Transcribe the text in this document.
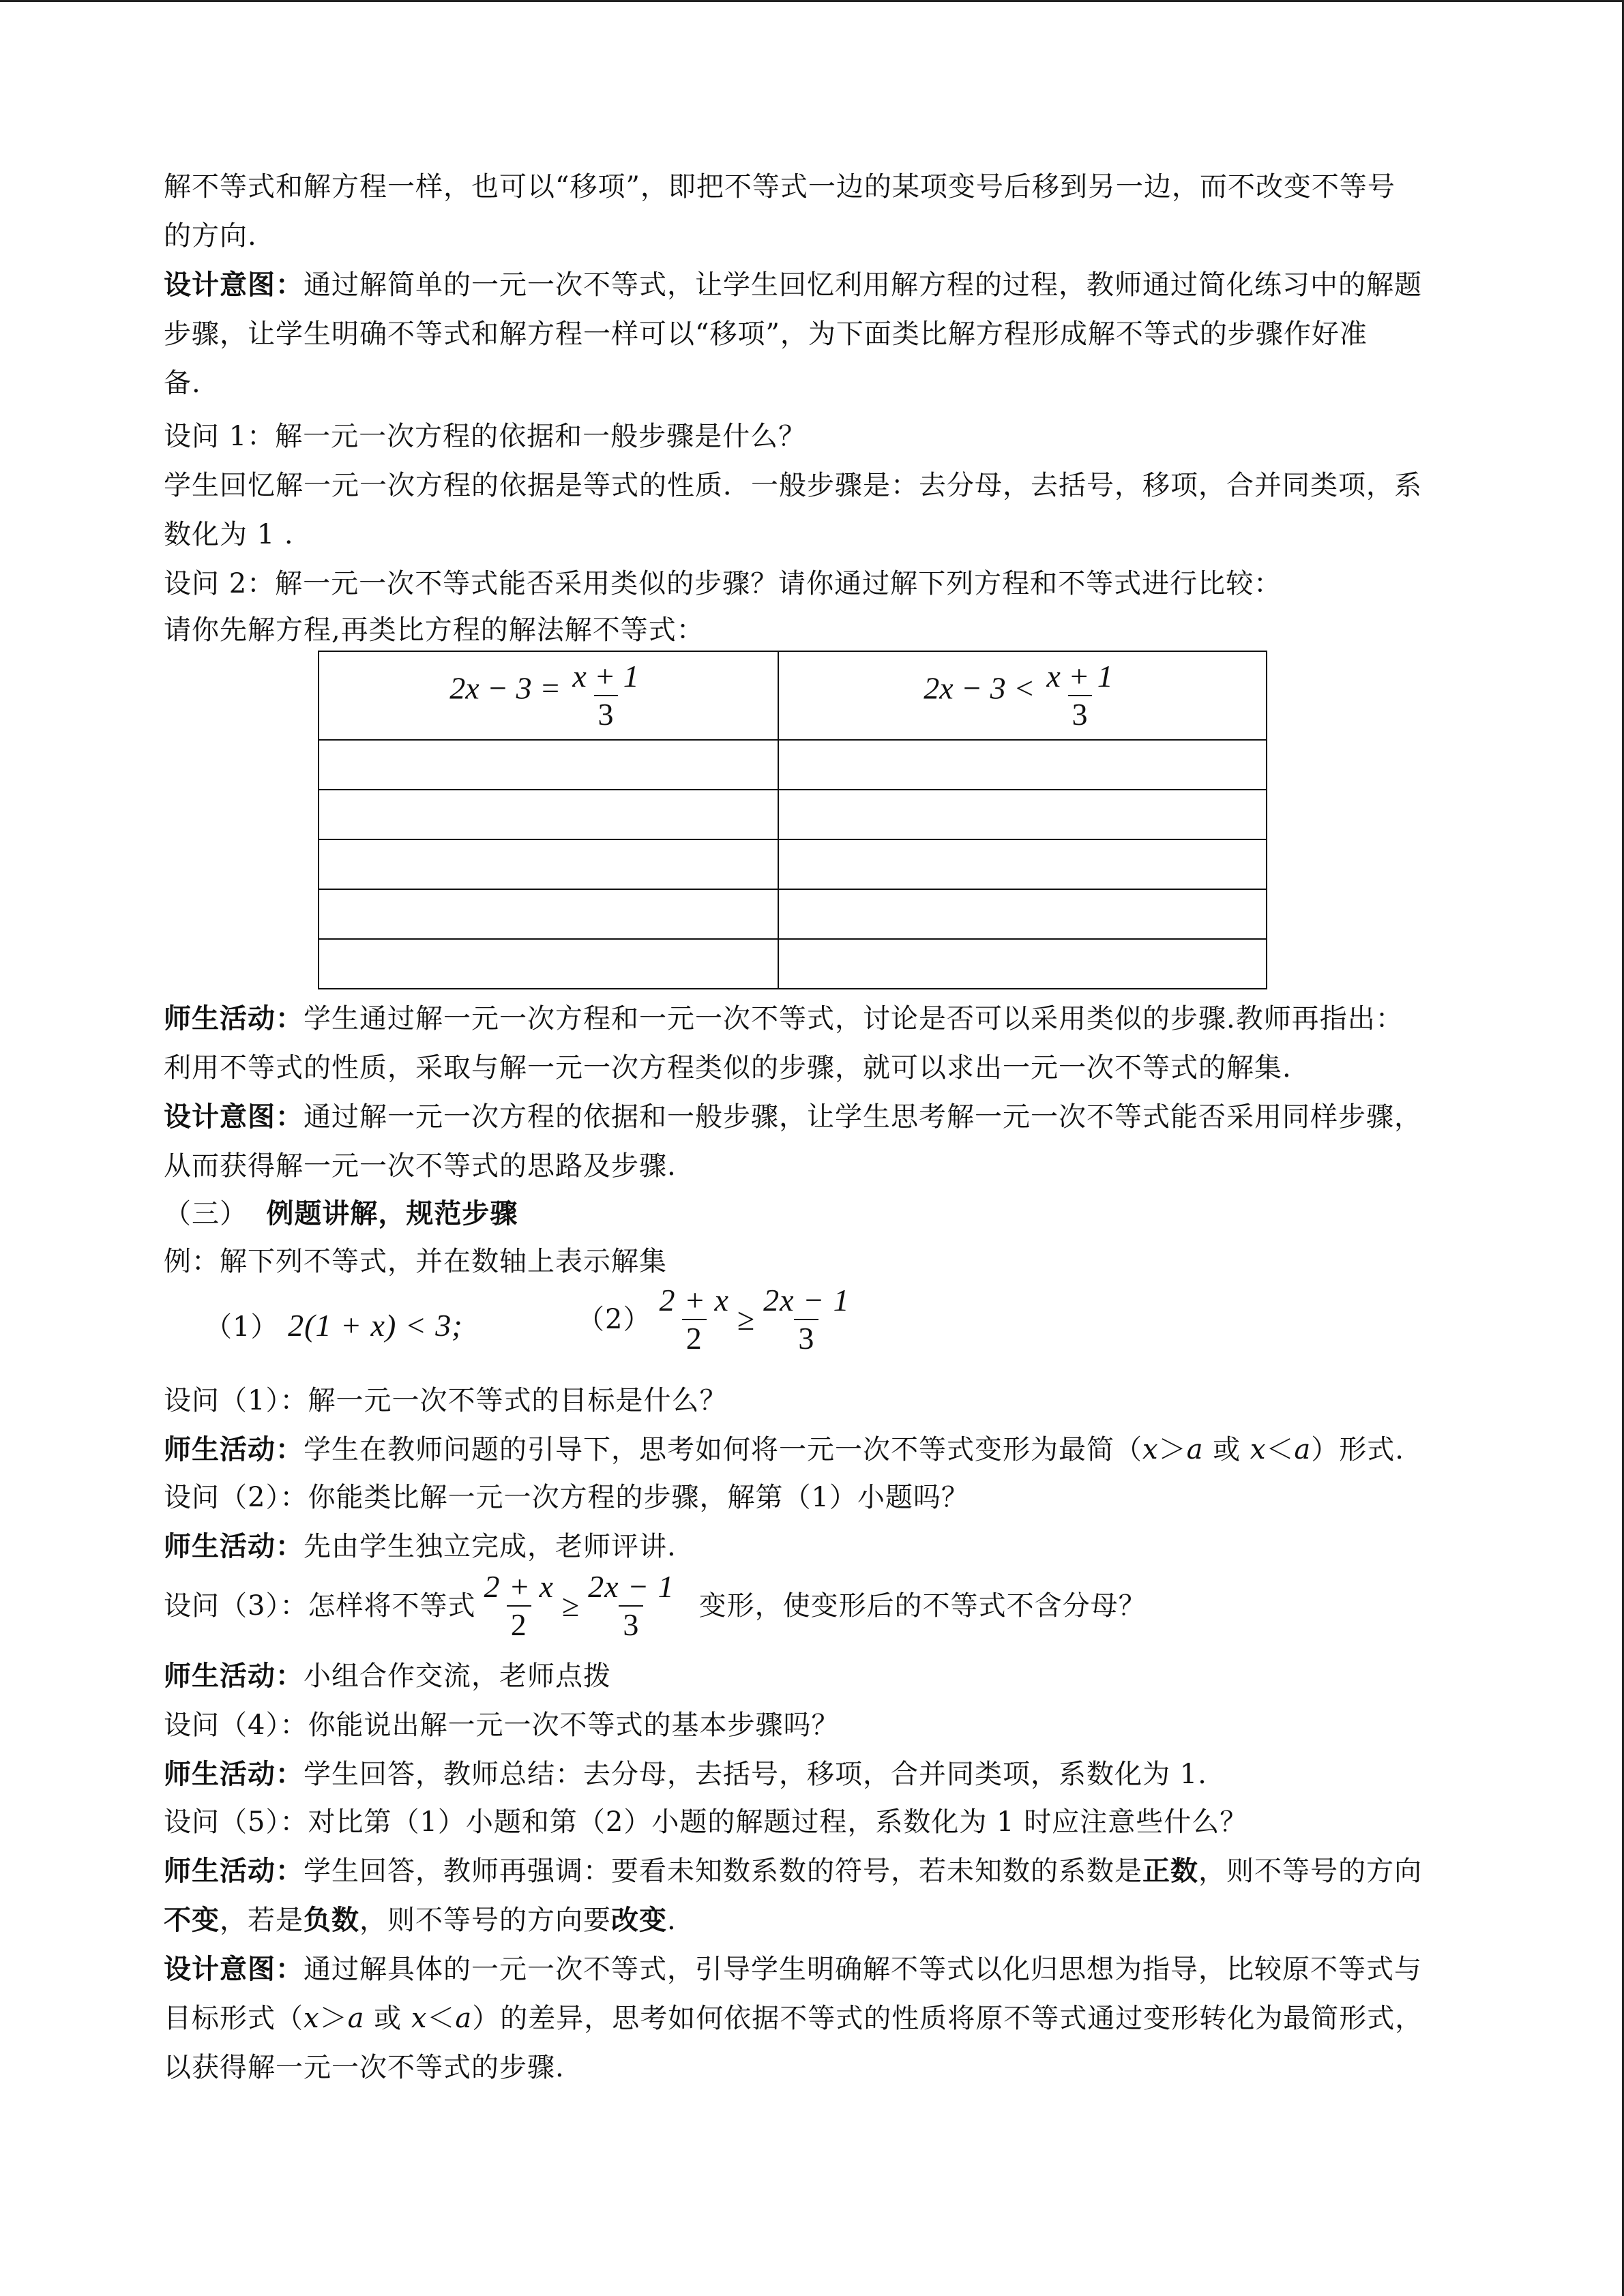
解不等式和解方程一样，也可以“移项”，即把不等式一边的某项变号后移到另一边，而不改变不等号
的方向.
设计意图：通过解简单的一元一次不等式，让学生回忆利用解方程的过程，教师通过简化练习中的解题
步骤，让学生明确不等式和解方程一样可以“移项”，为下面类比解方程形成解不等式的步骤作好准
备.
设问 1：解一元一次方程的依据和一般步骤是什么？
学生回忆解一元一次方程的依据是等式的性质．一般步骤是：去分母，去括号，移项，合并同类项，系
数化为 1 .
设问 2：解一元一次不等式能否采用类似的步骤？请你通过解下列方程和不等式进行比较：
请你先解方程,再类比方程的解法解不等式：
$2x - 3 = \frac{x + 1}{3}$	$2x - 3 < \frac{x + 1}{3}$

师生活动：学生通过解一元一次方程和一元一次不等式，讨论是否可以采用类似的步骤.教师再指出：
利用不等式的性质，采取与解一元一次方程类似的步骤，就可以求出一元一次不等式的解集.
设计意图：通过解一元一次方程的依据和一般步骤，让学生思考解一元一次不等式能否采用同样步骤，
从而获得解一元一次不等式的思路及步骤.
（三） 例题讲解，规范步骤
例：解下列不等式，并在数轴上表示解集
（1） 2(1 + x) < 3;	$(2) \frac{2 + x}{2} \ge \frac{2x - 1}{3}$
设问（1）：解一元一次不等式的目标是什么？
师生活动：学生在教师问题的引导下，思考如何将一元一次不等式变形为最简（x＞a 或 x＜a）形式.
设问（2）：你能类比解一元一次方程的步骤，解第（1）小题吗？
师生活动：先由学生独立完成，老师评讲.
设问（3）：怎样将不等式 $\frac{2 + x}{2} \ge \frac{2x - 1}{3}$ 变形，使变形后的不等式不含分母？
师生活动：小组合作交流，老师点拨
设问（4）：你能说出解一元一次不等式的基本步骤吗？
师生活动：学生回答，教师总结：去分母，去括号，移项，合并同类项，系数化为 1.
设问（5）：对比第（1）小题和第（2）小题的解题过程，系数化为 1 时应注意些什么？
师生活动：学生回答，教师再强调：要看未知数系数的符号，若未知数的系数是正数，则不等号的方向
不变，若是负数，则不等号的方向要改变.
设计意图：通过解具体的一元一次不等式，引导学生明确解不等式以化归思想为指导，比较原不等式与
目标形式（x＞a 或 x＜a）的差异，思考如何依据不等式的性质将原不等式通过变形转化为最简形式，
以获得解一元一次不等式的步骤.
